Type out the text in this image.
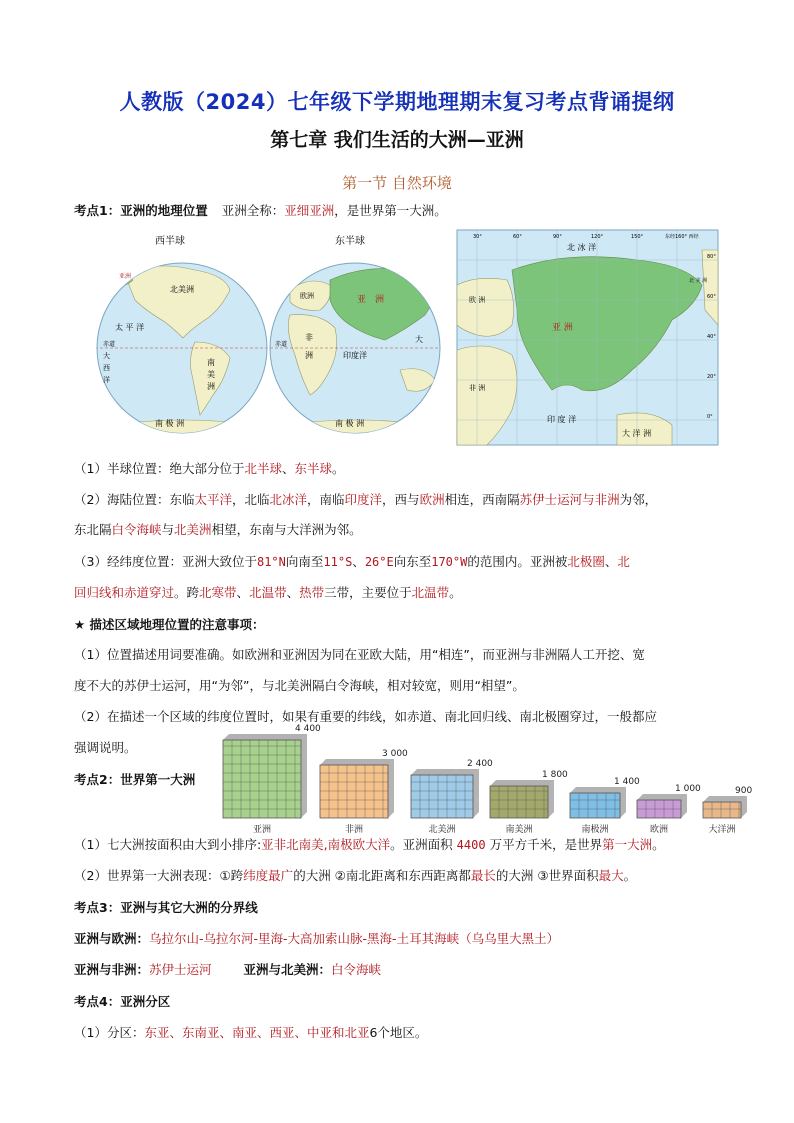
人教版（2024）七年级下学期地理期末复习考点背诵提纲
第七章 我们生活的大洲—亚洲
第一节 自然环境
考点1：亚洲的地理位置 亚洲全称：亚细亚洲，是世界第一大洲。
西半球
北美洲
太 平 洋
南
美
洲
赤道
大
西
洋
南 极 洲
亚洲
东半球
欧洲	亚　洲
非
洲	印度洋
大
南 极 洲
赤道
30°	60°	90°	120°	150°	东经160° 西经
80°
60°
40°
20°
0°
北 冰 洋
欧 洲
亚 洲
非 洲
印 度 洋
大 洋 洲
北 美 洲
（1）半球位置：绝大部分位于北半球、东半球。
（2）海陆位置：东临太平洋，北临北冰洋，南临印度洋，西与欧洲相连，西南隔苏伊士运河与非洲为邻，
东北隔白令海峡与北美洲相望，东南与大洋洲为邻。
（3）经纬度位置：亚洲大致位于81°N向南至11°S、26°E向东至170°W的范围内。亚洲被北极圈、北
回归线和赤道穿过。跨北寒带、北温带、热带三带，主要位于北温带。
★ 描述区域地理位置的注意事项：
（1）位置描述用词要准确。如欧洲和亚洲因为同在亚欧大陆，用“相连”，而亚洲与非洲隔人工开挖、宽
度不大的苏伊士运河，用“为邻”，与北美洲隔白令海峡，相对较宽，则用“相望”。
（2）在描述一个区域的纬度位置时，如果有重要的纬线，如赤道、南北回归线、南北极圈穿过，一般都应
强调说明。
考点2：世界第一大洲
4 400
亚洲
3 000
非洲
2 400
北美洲
1 800
南美洲
1 400
南极洲
1 000
欧洲
900
大洋洲
（1）七大洲按面积由大到小排序:亚非北南美,南极欧大洋。亚洲面积 4400 万平方千米，是世界第一大洲。
（2）世界第一大洲表现：①跨纬度最广的大洲 ②南北距离和东西距离都最长的大洲 ③世界面积最大。
考点3：亚洲与其它大洲的分界线
亚洲与欧洲：乌拉尔山-乌拉尔河-里海-大高加索山脉-黑海-土耳其海峡（乌乌里大黑土）
亚洲与非洲：苏伊士运河	亚洲与北美洲：白令海峡
考点4：亚洲分区
（1）分区：东亚、东南亚、南亚、西亚、中亚和北亚6个地区。
